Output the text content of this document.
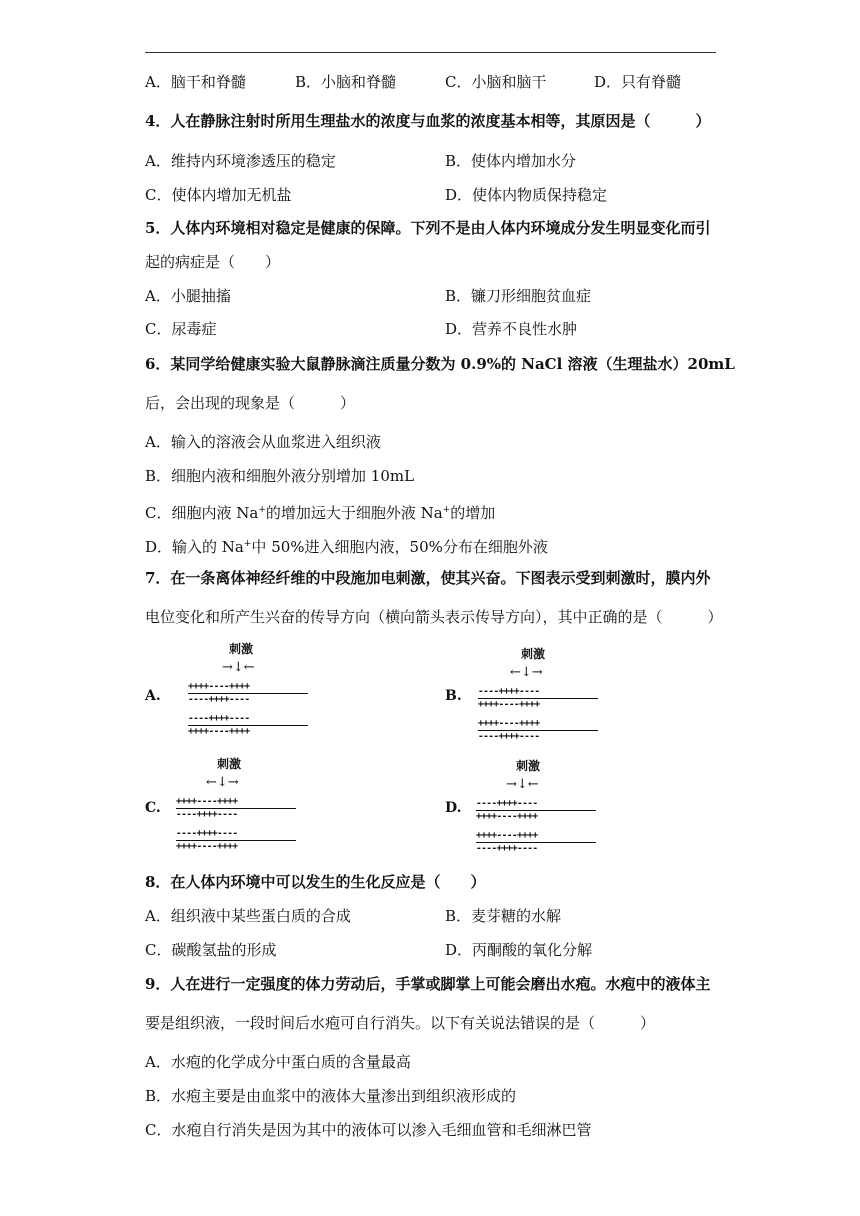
A．脑干和脊髓	B．小脑和脊髓	C．小脑和脑干	D．只有脊髓
4．人在静脉注射时所用生理盐水的浓度与血浆的浓度基本相等，其原因是（　　　）
A．维持内环境渗透压的稳定	B．使体内增加水分
C．使体内增加无机盐	D．使体内物质保持稳定
5．人体内环境相对稳定是健康的保障。下列不是由人体内环境成分发生明显变化而引
起的病症是（　　）
A．小腿抽搐	B．镰刀形细胞贫血症
C．尿毒症	D．营养不良性水肿
6．某同学给健康实验大鼠静脉滴注质量分数为 0.9%的 NaCl 溶液（生理盐水）20mL
后，会出现的现象是（　　　）
A．输入的溶液会从血浆进入组织液
B．细胞内液和细胞外液分别增加 10mL
C．细胞内液 Na+的增加远大于细胞外液 Na+的增加
D．输入的 Na+中 50%进入细胞内液，50%分布在细胞外液
7．在一条离体神经纤维的中段施加电刺激，使其兴奋。下图表示受到刺激时，膜内外
电位变化和所产生兴奋的传导方向（横向箭头表示传导方向），其中正确的是（　　　）
A.
刺激
→↓←
++++----++++
----++++----
----++++----
++++----++++
B.
刺激
←↓→
----++++----
++++----++++
++++----++++
----++++----
C.
刺激
←↓→
++++----++++
----++++----
----++++----
++++----++++
D.
刺激
→↓←
----++++----
++++----++++
++++----++++
----++++----
8．在人体内环境中可以发生的生化反应是（　　）
A．组织液中某些蛋白质的合成	B．麦芽糖的水解
C．碳酸氢盐的形成	D．丙酮酸的氧化分解
9．人在进行一定强度的体力劳动后，手掌或脚掌上可能会磨出水疱。水疱中的液体主
要是组织液，一段时间后水疱可自行消失。以下有关说法错误的是（　　　）
A．水疱的化学成分中蛋白质的含量最高
B．水疱主要是由血浆中的液体大量渗出到组织液形成的
C．水疱自行消失是因为其中的液体可以渗入毛细血管和毛细淋巴管
